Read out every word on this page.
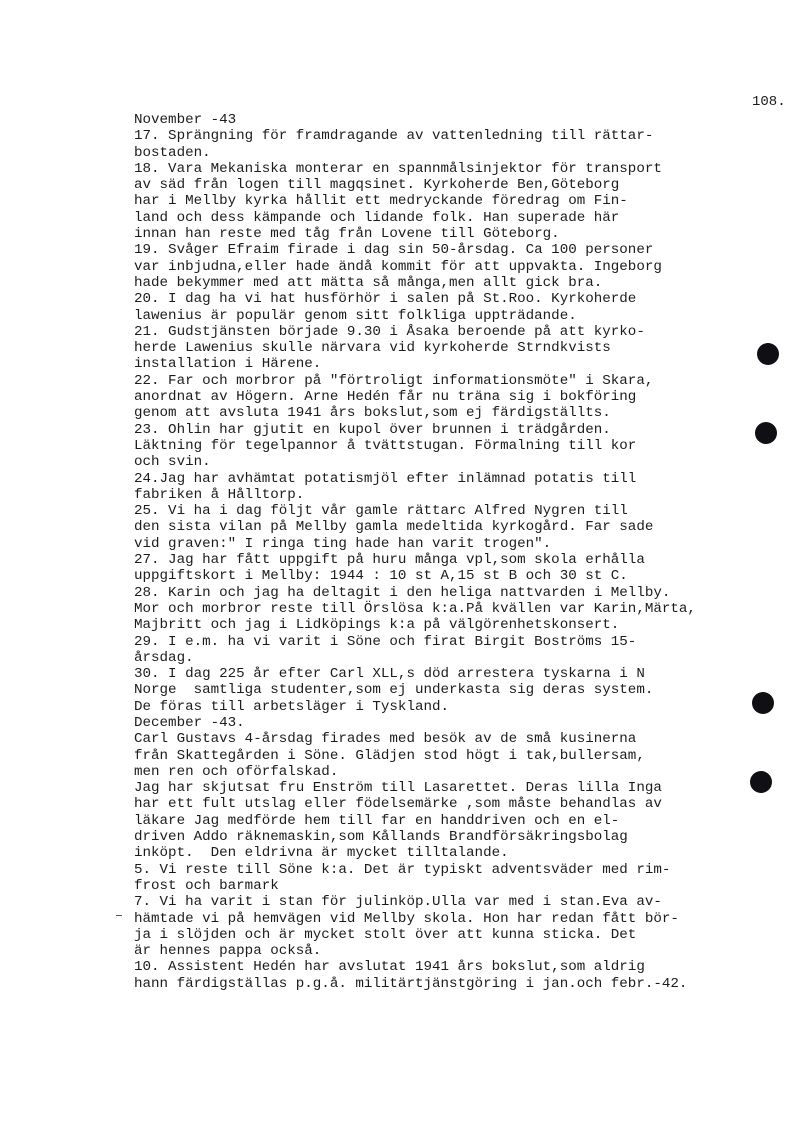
108.
November -43
17. Sprängning för framdragande av vattenledning till rättar-
bostaden.
18. Vara Mekaniska monterar en spannmålsinjektor för transport
av säd från logen till magqsinet. Kyrkoherde Ben,Göteborg
har i Mellby kyrka hållit ett medryckande föredrag om Fin-
land och dess kämpande och lidande folk. Han superade här
innan han reste med tåg från Lovene till Göteborg.
19. Svåger Efraim firade i dag sin 50-årsdag. Ca 100 personer
var inbjudna,eller hade ändå kommit för att uppvakta. Ingeborg
hade bekymmer med att mätta så många,men allt gick bra.
20. I dag ha vi hat husförhör i salen på St.Roo. Kyrkoherde
lawenius är populär genom sitt folkliga uppträdande.
21. Gudstjänsten började 9.30 i Åsaka beroende på att kyrko-
herde Lawenius skulle närvara vid kyrkoherde Strndkvists
installation i Härene.
22. Far och morbror på "förtroligt informationsmöte" i Skara,
anordnat av Högern. Arne Hedén får nu träna sig i bokföring
genom att avsluta 1941 års bokslut,som ej färdigställts.
23. Ohlin har gjutit en kupol över brunnen i trädgården.
Läktning för tegelpannor å tvättstugan. Förmalning till kor
och svin.
24.Jag har avhämtat potatismjöl efter inlämnad potatis till
fabriken å Hålltorp.
25. Vi ha i dag följt vår gamle rättarc Alfred Nygren till
den sista vilan på Mellby gamla medeltida kyrkogård. Far sade
vid graven:" I ringa ting hade han varit trogen".
27. Jag har fått uppgift på huru många vpl,som skola erhålla
uppgiftskort i Mellby: 1944 : 10 st A,15 st B och 30 st C.
28. Karin och jag ha deltagit i den heliga nattvarden i Mellby.
Mor och morbror reste till Örslösa k:a.På kvällen var Karin,Märta,
Majbritt och jag i Lidköpings k:a på välgörenhetskonsert.
29. I e.m. ha vi varit i Söne och firat Birgit Boströms 15-
årsdag.
30. I dag 225 år efter Carl XLL,s död arrestera tyskarna i N
Norge  samtliga studenter,som ej underkasta sig deras system.
De föras till arbetsläger i Tyskland.
December -43.
Carl Gustavs 4-årsdag firades med besök av de små kusinerna
från Skattegården i Söne. Glädjen stod högt i tak,bullersam,
men ren och oförfalskad.
Jag har skjutsat fru Enström till Lasarettet. Deras lilla Inga
har ett fult utslag eller födelsemärke ,som måste behandlas av
läkare Jag medförde hem till far en handdriven och en el-
driven Addo räknemaskin,som Kållands Brandförsäkringsbolag
inköpt.  Den eldrivna är mycket tilltalande.
5. Vi reste till Söne k:a. Det är typiskt adventsväder med rim-
frost och barmark
7. Vi ha varit i stan för julinköp.Ulla var med i stan.Eva av-
hämtade vi på hemvägen vid Mellby skola. Hon har redan fått bör-
ja i slöjden och är mycket stolt över att kunna sticka. Det
är hennes pappa också.
10. Assistent Hedén har avslutat 1941 års bokslut,som aldrig
hann färdigställas p.g.å. militärtjänstgöring i jan.och febr.-42.
